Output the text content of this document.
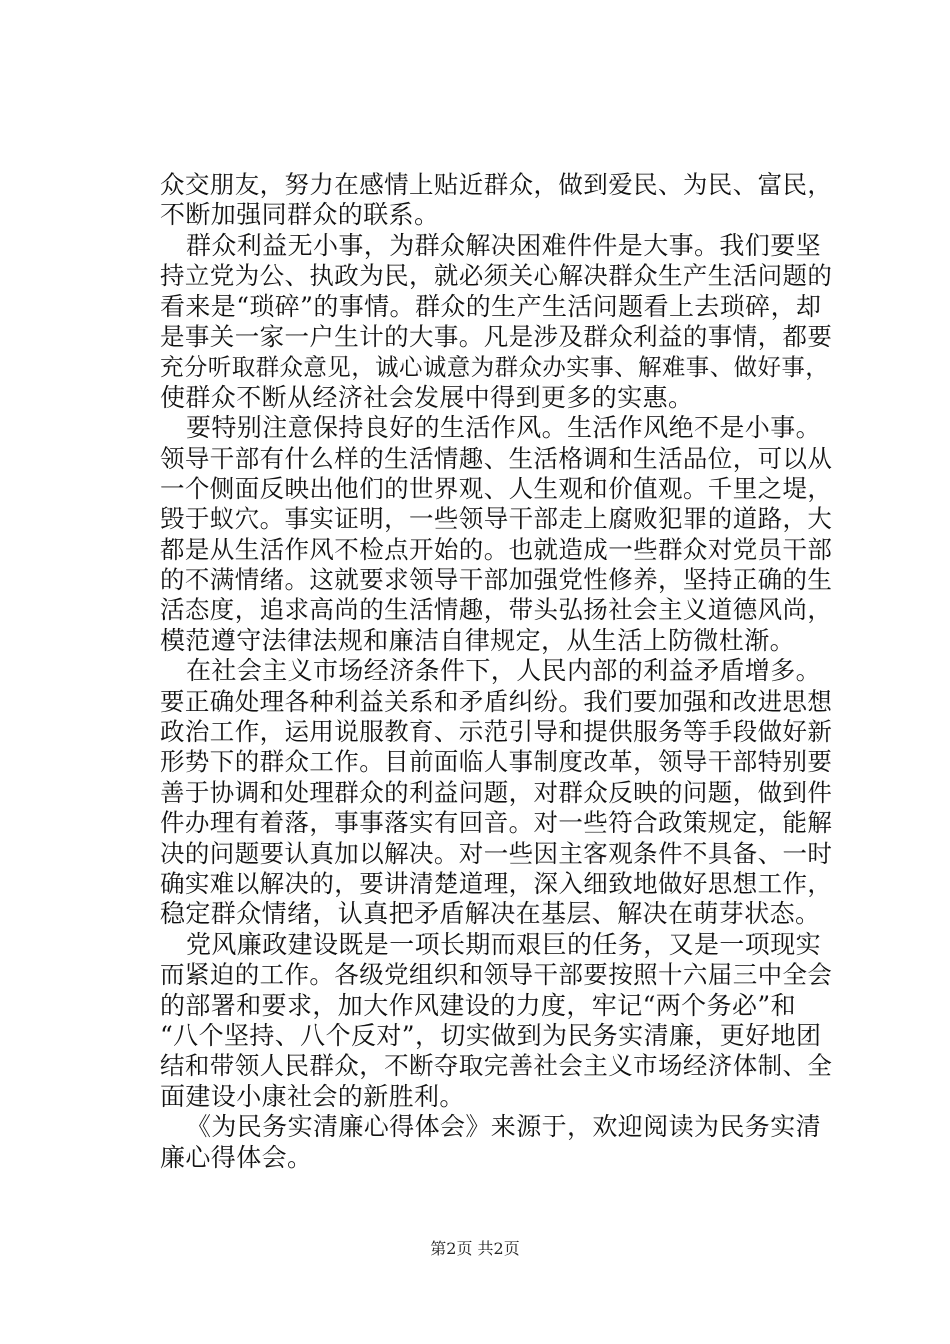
众交朋友，努力在感情上贴近群众，做到爱民、为民、富民，
不断加强同群众的联系。
群众利益无小事，为群众解决困难件件是大事。我们要坚
持立党为公、执政为民，就必须关心解决群众生产生活问题的
看来是“琐碎”的事情。群众的生产生活问题看上去琐碎，却
是事关一家一户生计的大事。凡是涉及群众利益的事情，都要
充分听取群众意见，诚心诚意为群众办实事、解难事、做好事，
使群众不断从经济社会发展中得到更多的实惠。
要特别注意保持良好的生活作风。生活作风绝不是小事。
领导干部有什么样的生活情趣、生活格调和生活品位，可以从
一个侧面反映出他们的世界观、人生观和价值观。千里之堤，
毁于蚁穴。事实证明，一些领导干部走上腐败犯罪的道路，大
都是从生活作风不检点开始的。也就造成一些群众对党员干部
的不满情绪。这就要求领导干部加强党性修养，坚持正确的生
活态度，追求高尚的生活情趣，带头弘扬社会主义道德风尚，
模范遵守法律法规和廉洁自律规定，从生活上防微杜渐。
在社会主义市场经济条件下，人民内部的利益矛盾增多。
要正确处理各种利益关系和矛盾纠纷。我们要加强和改进思想
政治工作，运用说服教育、示范引导和提供服务等手段做好新
形势下的群众工作。目前面临人事制度改革，领导干部特别要
善于协调和处理群众的利益问题，对群众反映的问题，做到件
件办理有着落，事事落实有回音。对一些符合政策规定，能解
决的问题要认真加以解决。对一些因主客观条件不具备、一时
确实难以解决的，要讲清楚道理，深入细致地做好思想工作，
稳定群众情绪，认真把矛盾解决在基层、解决在萌芽状态。
党风廉政建设既是一项长期而艰巨的任务，又是一项现实
而紧迫的工作。各级党组织和领导干部要按照十六届三中全会
的部署和要求，加大作风建设的力度，牢记“两个务必”和
“八个坚持、八个反对”，切实做到为民务实清廉，更好地团
结和带领人民群众，不断夺取完善社会主义市场经济体制、全
面建设小康社会的新胜利。
《为民务实清廉心得体会》来源于，欢迎阅读为民务实清
廉心得体会。
第2页 共2页
